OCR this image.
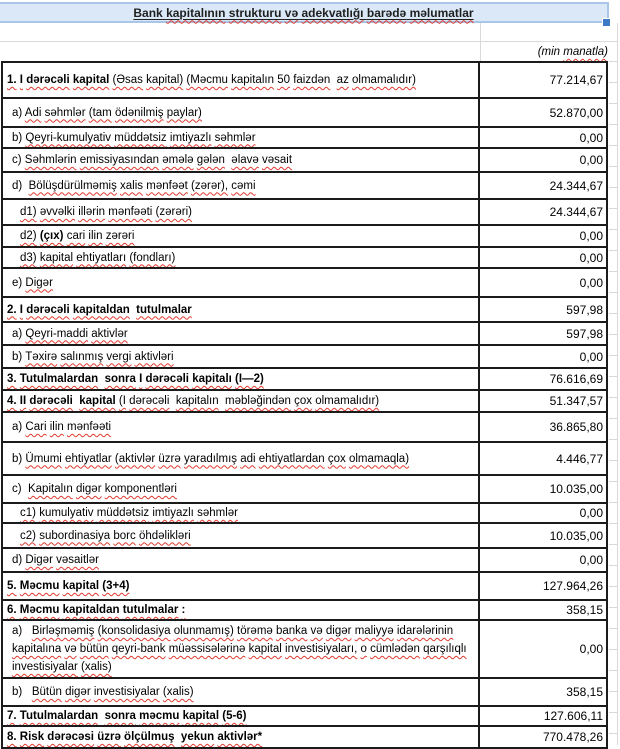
Bank kapitalının strukturu və adekvatlığı barədə məlumatlar
(min manatla)
1. I dərəcəli kapital (Əsas kapital) (Məcmu kapitalın 50 faizdən az olmamalıdır)	77.214,67
a) Adi səhmlər (tam ödənilmiş paylar)	52.870,00
b) Qeyri-kumulyativ müddətsiz imtiyazlı səhmlər	0,00
c) Səhmlərin emissiyasından əmələ gələn əlavə vəsait	0,00
d)  Bölüşdürülməmiş xalis mənfəət (zərər), cəmi	24.344,67
d1) əvvəlki illərin mənfəəti (zərəri)	24.344,67
d2) (çıx) cari ilin zərəri	0,00
d3) kapital ehtiyatları (fondları)	0,00
e) Digər	0,00
2. I dərəcəli kapitaldan tutulmalar	597,98
a) Qeyri-maddi aktivlər	597,98
b) Təxirə salınmış vergi aktivləri	0,00
3. Tutulmalardan sonra I dərəcəli kapitalı (I—2)	76.616,69
4. II dərəcəli kapital (I dərəcəli kapitalın məbləğindən çox olmamalıdır)	51.347,57
a) Cari ilin mənfəəti	36.865,80
b) Ümumi ehtiyatlar (aktivlər üzrə yaradılmış adi ehtiyatlardan çox olmamaqla)	4.446,77
c)  Kapitalın digər komponentləri	10.035,00
c1) kumulyativ müddətsiz imtiyazlı səhmlər	0,00
c2) subordinasiya borc öhdəlikləri	10.035,00
d) Digər vəsaitlər	0,00
5. Məcmu kapital (3+4)	127.964,26
6. Məcmu kapitaldan tutulmalar :	358,15
a)   Birləşməmiş (konsolidasiya olunmamış) törəmə banka və digər maliyyə idarələrinin kapitalına və bütün qeyri-bank müəssisələrinə kapital investisiyaları, o cümlədən qarşılıqlı investisiyalar (xalis)
0,00
b)   Bütün digər investisiyalar (xalis)	358,15
7. Tutulmalardan sonra məcmu kapital (5-6)	127.606,11
8. Risk dərəcəsi üzrə ölçülmuş yekun aktivlər*	770.478,26
